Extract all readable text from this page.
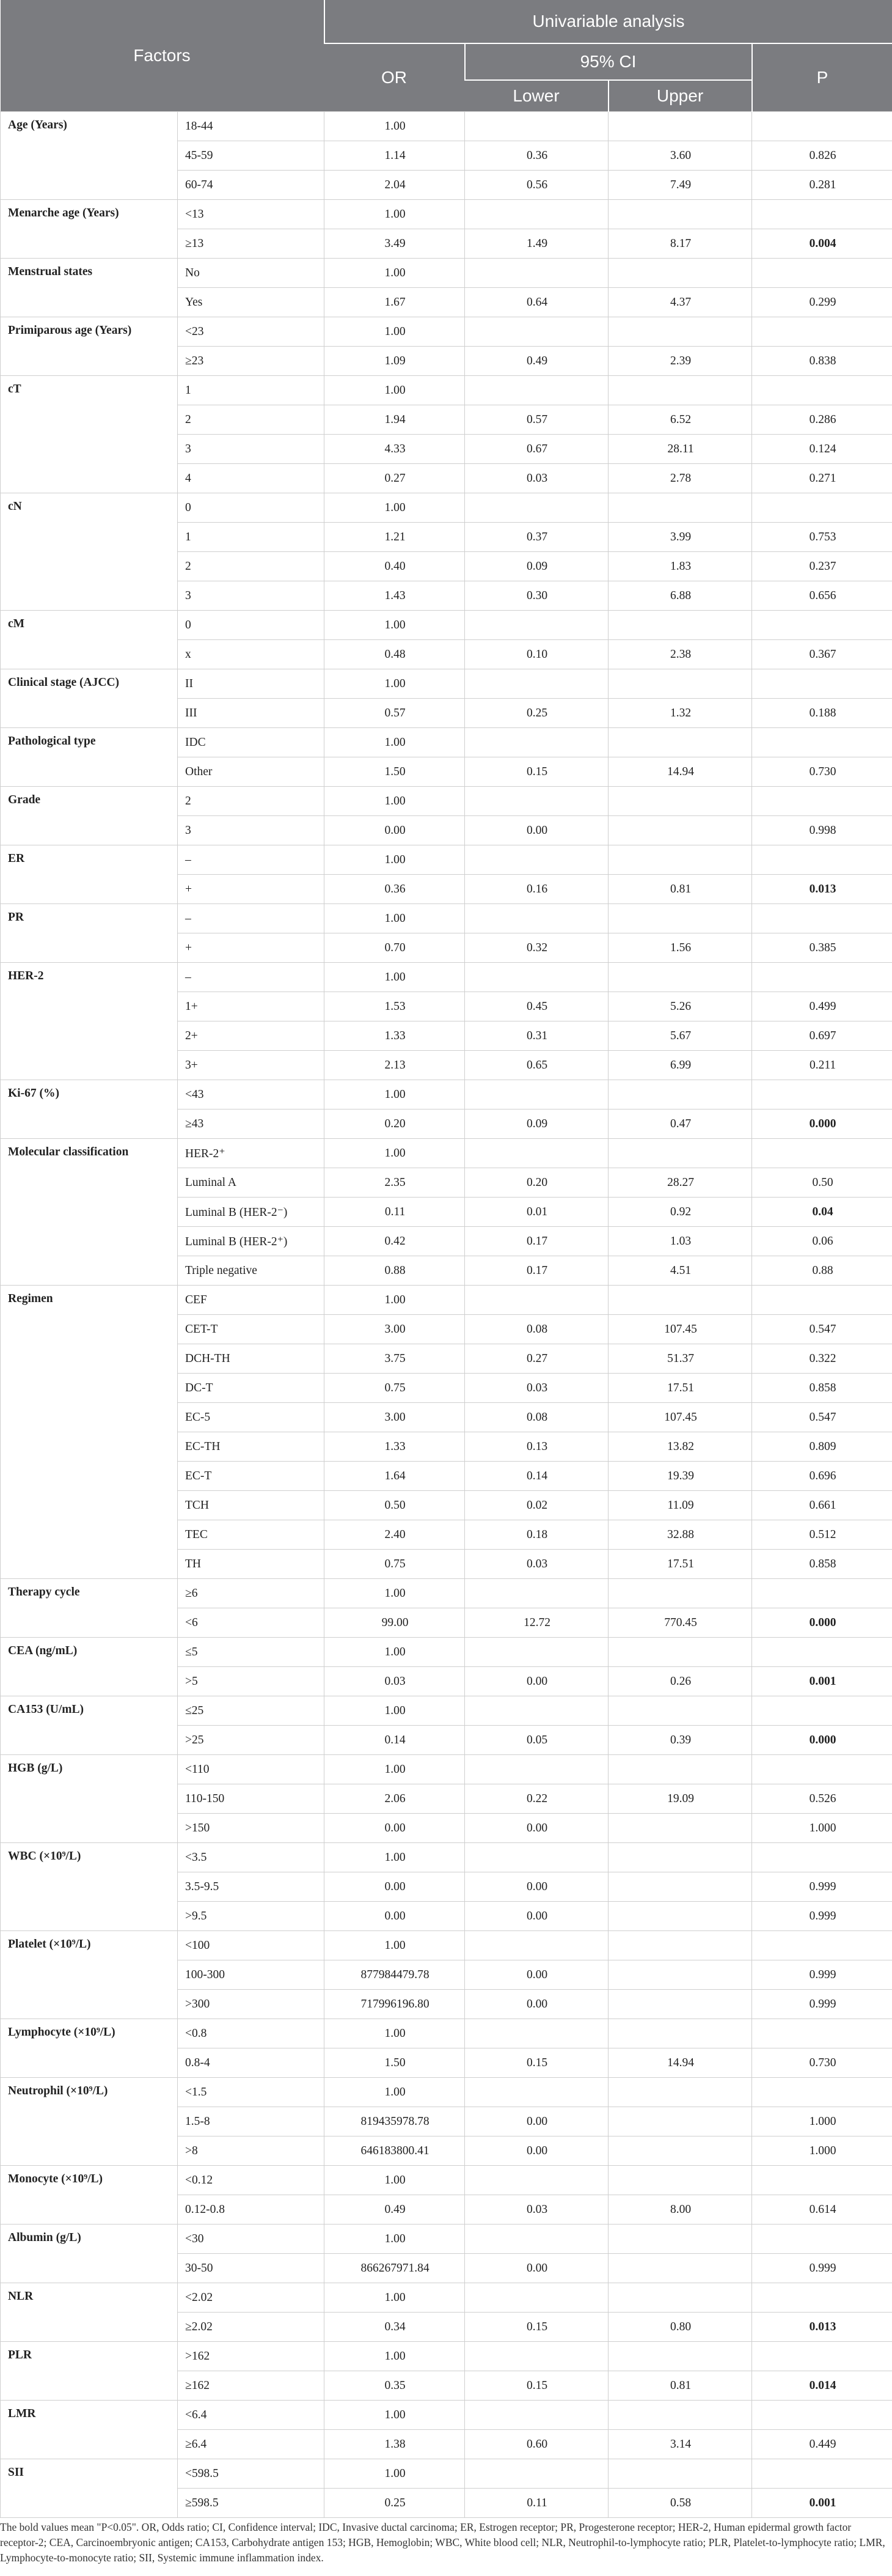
Factors		Univariable analysis			
		OR	95% CI		P
			Lower	Upper	
Age (Years)	18-44	1.00			
	45-59	1.14	0.36	3.60	0.826
	60-74	2.04	0.56	7.49	0.281
Menarche age (Years)	<13	1.00			
	≥13	3.49	1.49	8.17	0.004
Menstrual states	No	1.00			
	Yes	1.67	0.64	4.37	0.299
Primiparous age (Years)	<23	1.00			
	≥23	1.09	0.49	2.39	0.838
cT	1	1.00			
	2	1.94	0.57	6.52	0.286
	3	4.33	0.67	28.11	0.124
	4	0.27	0.03	2.78	0.271
cN	0	1.00			
	1	1.21	0.37	3.99	0.753
	2	0.40	0.09	1.83	0.237
	3	1.43	0.30	6.88	0.656
cM	0	1.00			
	x	0.48	0.10	2.38	0.367
Clinical stage (AJCC)	II	1.00			
	III	0.57	0.25	1.32	0.188
Pathological type	IDC	1.00			
	Other	1.50	0.15	14.94	0.730
Grade	2	1.00			
	3	0.00	0.00		0.998
ER	–	1.00			
	+	0.36	0.16	0.81	0.013
PR	–	1.00			
	+	0.70	0.32	1.56	0.385
HER-2	–	1.00			
	1+	1.53	0.45	5.26	0.499
	2+	1.33	0.31	5.67	0.697
	3+	2.13	0.65	6.99	0.211
Ki-67 (%)	<43	1.00			
	≥43	0.20	0.09	0.47	0.000
Molecular classification	HER-2⁺	1.00			
	Luminal A	2.35	0.20	28.27	0.50
	Luminal B (HER-2⁻)	0.11	0.01	0.92	0.04
	Luminal B (HER-2⁺)	0.42	0.17	1.03	0.06
	Triple negative	0.88	0.17	4.51	0.88
Regimen	CEF	1.00			
	CET-T	3.00	0.08	107.45	0.547
	DCH-TH	3.75	0.27	51.37	0.322
	DC-T	0.75	0.03	17.51	0.858
	EC-5	3.00	0.08	107.45	0.547
	EC-TH	1.33	0.13	13.82	0.809
	EC-T	1.64	0.14	19.39	0.696
	TCH	0.50	0.02	11.09	0.661
	TEC	2.40	0.18	32.88	0.512
	TH	0.75	0.03	17.51	0.858
Therapy cycle	≥6	1.00			
	<6	99.00	12.72	770.45	0.000
CEA (ng/mL)	≤5	1.00			
	>5	0.03	0.00	0.26	0.001
CA153 (U/mL)	≤25	1.00			
	>25	0.14	0.05	0.39	0.000
HGB (g/L)	<110	1.00			
	110-150	2.06	0.22	19.09	0.526
	>150	0.00	0.00		1.000
WBC (×10⁹/L)	<3.5	1.00			
	3.5-9.5	0.00	0.00		0.999
	>9.5	0.00	0.00		0.999
Platelet (×10⁹/L)	<100	1.00			
	100-300	877984479.78	0.00		0.999
	>300	717996196.80	0.00		0.999
Lymphocyte (×10⁹/L)	<0.8	1.00			
	0.8-4	1.50	0.15	14.94	0.730
Neutrophil (×10⁹/L)	<1.5	1.00			
	1.5-8	819435978.78	0.00		1.000
	>8	646183800.41	0.00		1.000
Monocyte (×10⁹/L)	<0.12	1.00			
	0.12-0.8	0.49	0.03	8.00	0.614
Albumin (g/L)	<30	1.00			
	30-50	866267971.84	0.00		0.999
NLR	<2.02	1.00			
	≥2.02	0.34	0.15	0.80	0.013
PLR	>162	1.00			
	≥162	0.35	0.15	0.81	0.014
LMR	<6.4	1.00			
	≥6.4	1.38	0.60	3.14	0.449
SII	<598.5	1.00			
	≥598.5	0.25	0.11	0.58	0.001
The bold values mean "P<0.05". OR, Odds ratio; CI, Confidence interval; IDC, Invasive ductal carcinoma; ER, Estrogen receptor; PR, Progesterone receptor; HER-2, Human epidermal growth factor receptor-2; CEA, Carcinoembryonic antigen; CA153, Carbohydrate antigen 153; HGB, Hemoglobin; WBC, White blood cell; NLR, Neutrophil-to-lymphocyte ratio; PLR, Platelet-to-lymphocyte ratio; LMR, Lymphocyte-to-monocyte ratio; SII, Systemic immune inflammation index.
